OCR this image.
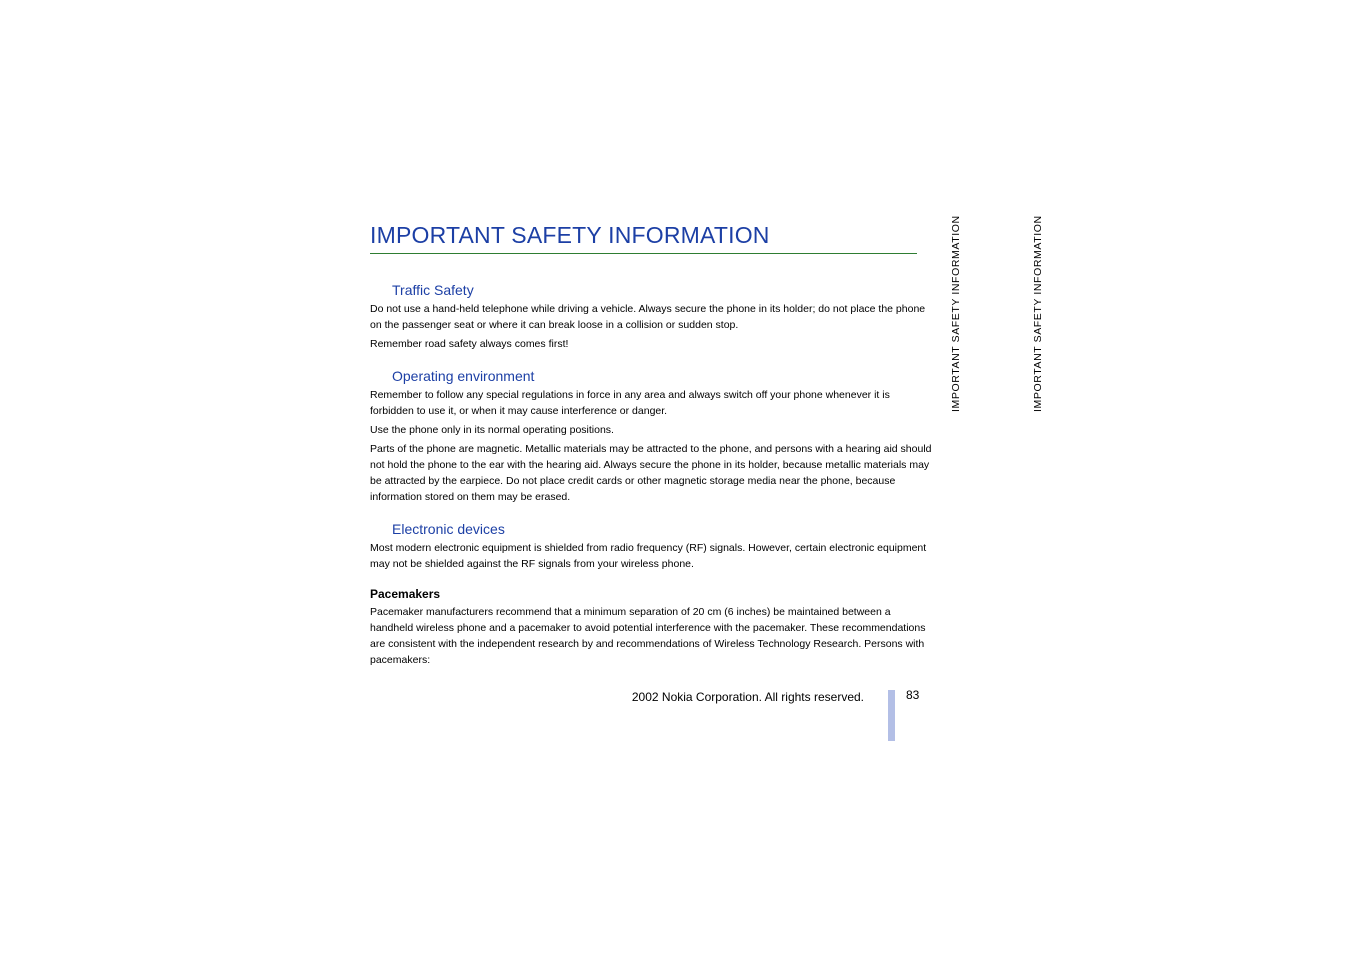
IMPORTANT SAFETY INFORMATION	IMPORTANT SAFETY INFORMATION	IMPORTANT SAFETY INFORMATION
Traffic Safety

Do not use a hand-held telephone while driving a vehicle. Always secure the phone in its holder; do not place the phone on the passenger seat or where it can break loose in a collision or sudden stop.

Remember road safety always comes first!

Operating environment

Remember to follow any special regulations in force in any area and always switch off your phone whenever it is forbidden to use it, or when it may cause interference or danger.

Use the phone only in its normal operating positions.

Parts of the phone are magnetic. Metallic materials may be attracted to the phone, and persons with a hearing aid should not hold the phone to the ear with the hearing aid. Always secure the phone in its holder, because metallic materials may be attracted by the earpiece. Do not place credit cards or other magnetic storage media near the phone, because information stored on them may be erased.

Electronic devices

Most modern electronic equipment is shielded from radio frequency (RF) signals. However, certain electronic equipment may not be shielded against the RF signals from your wireless phone.

Pacemakers

Pacemaker manufacturers recommend that a minimum separation of 20 cm (6 inches) be maintained between a handheld wireless phone and a pacemaker to avoid potential interference with the pacemaker. These recommendations are consistent with the independent research by and recommendations of Wireless Technology Research. Persons with pacemakers:

2002 Nokia Corporation. All rights reserved.	83
